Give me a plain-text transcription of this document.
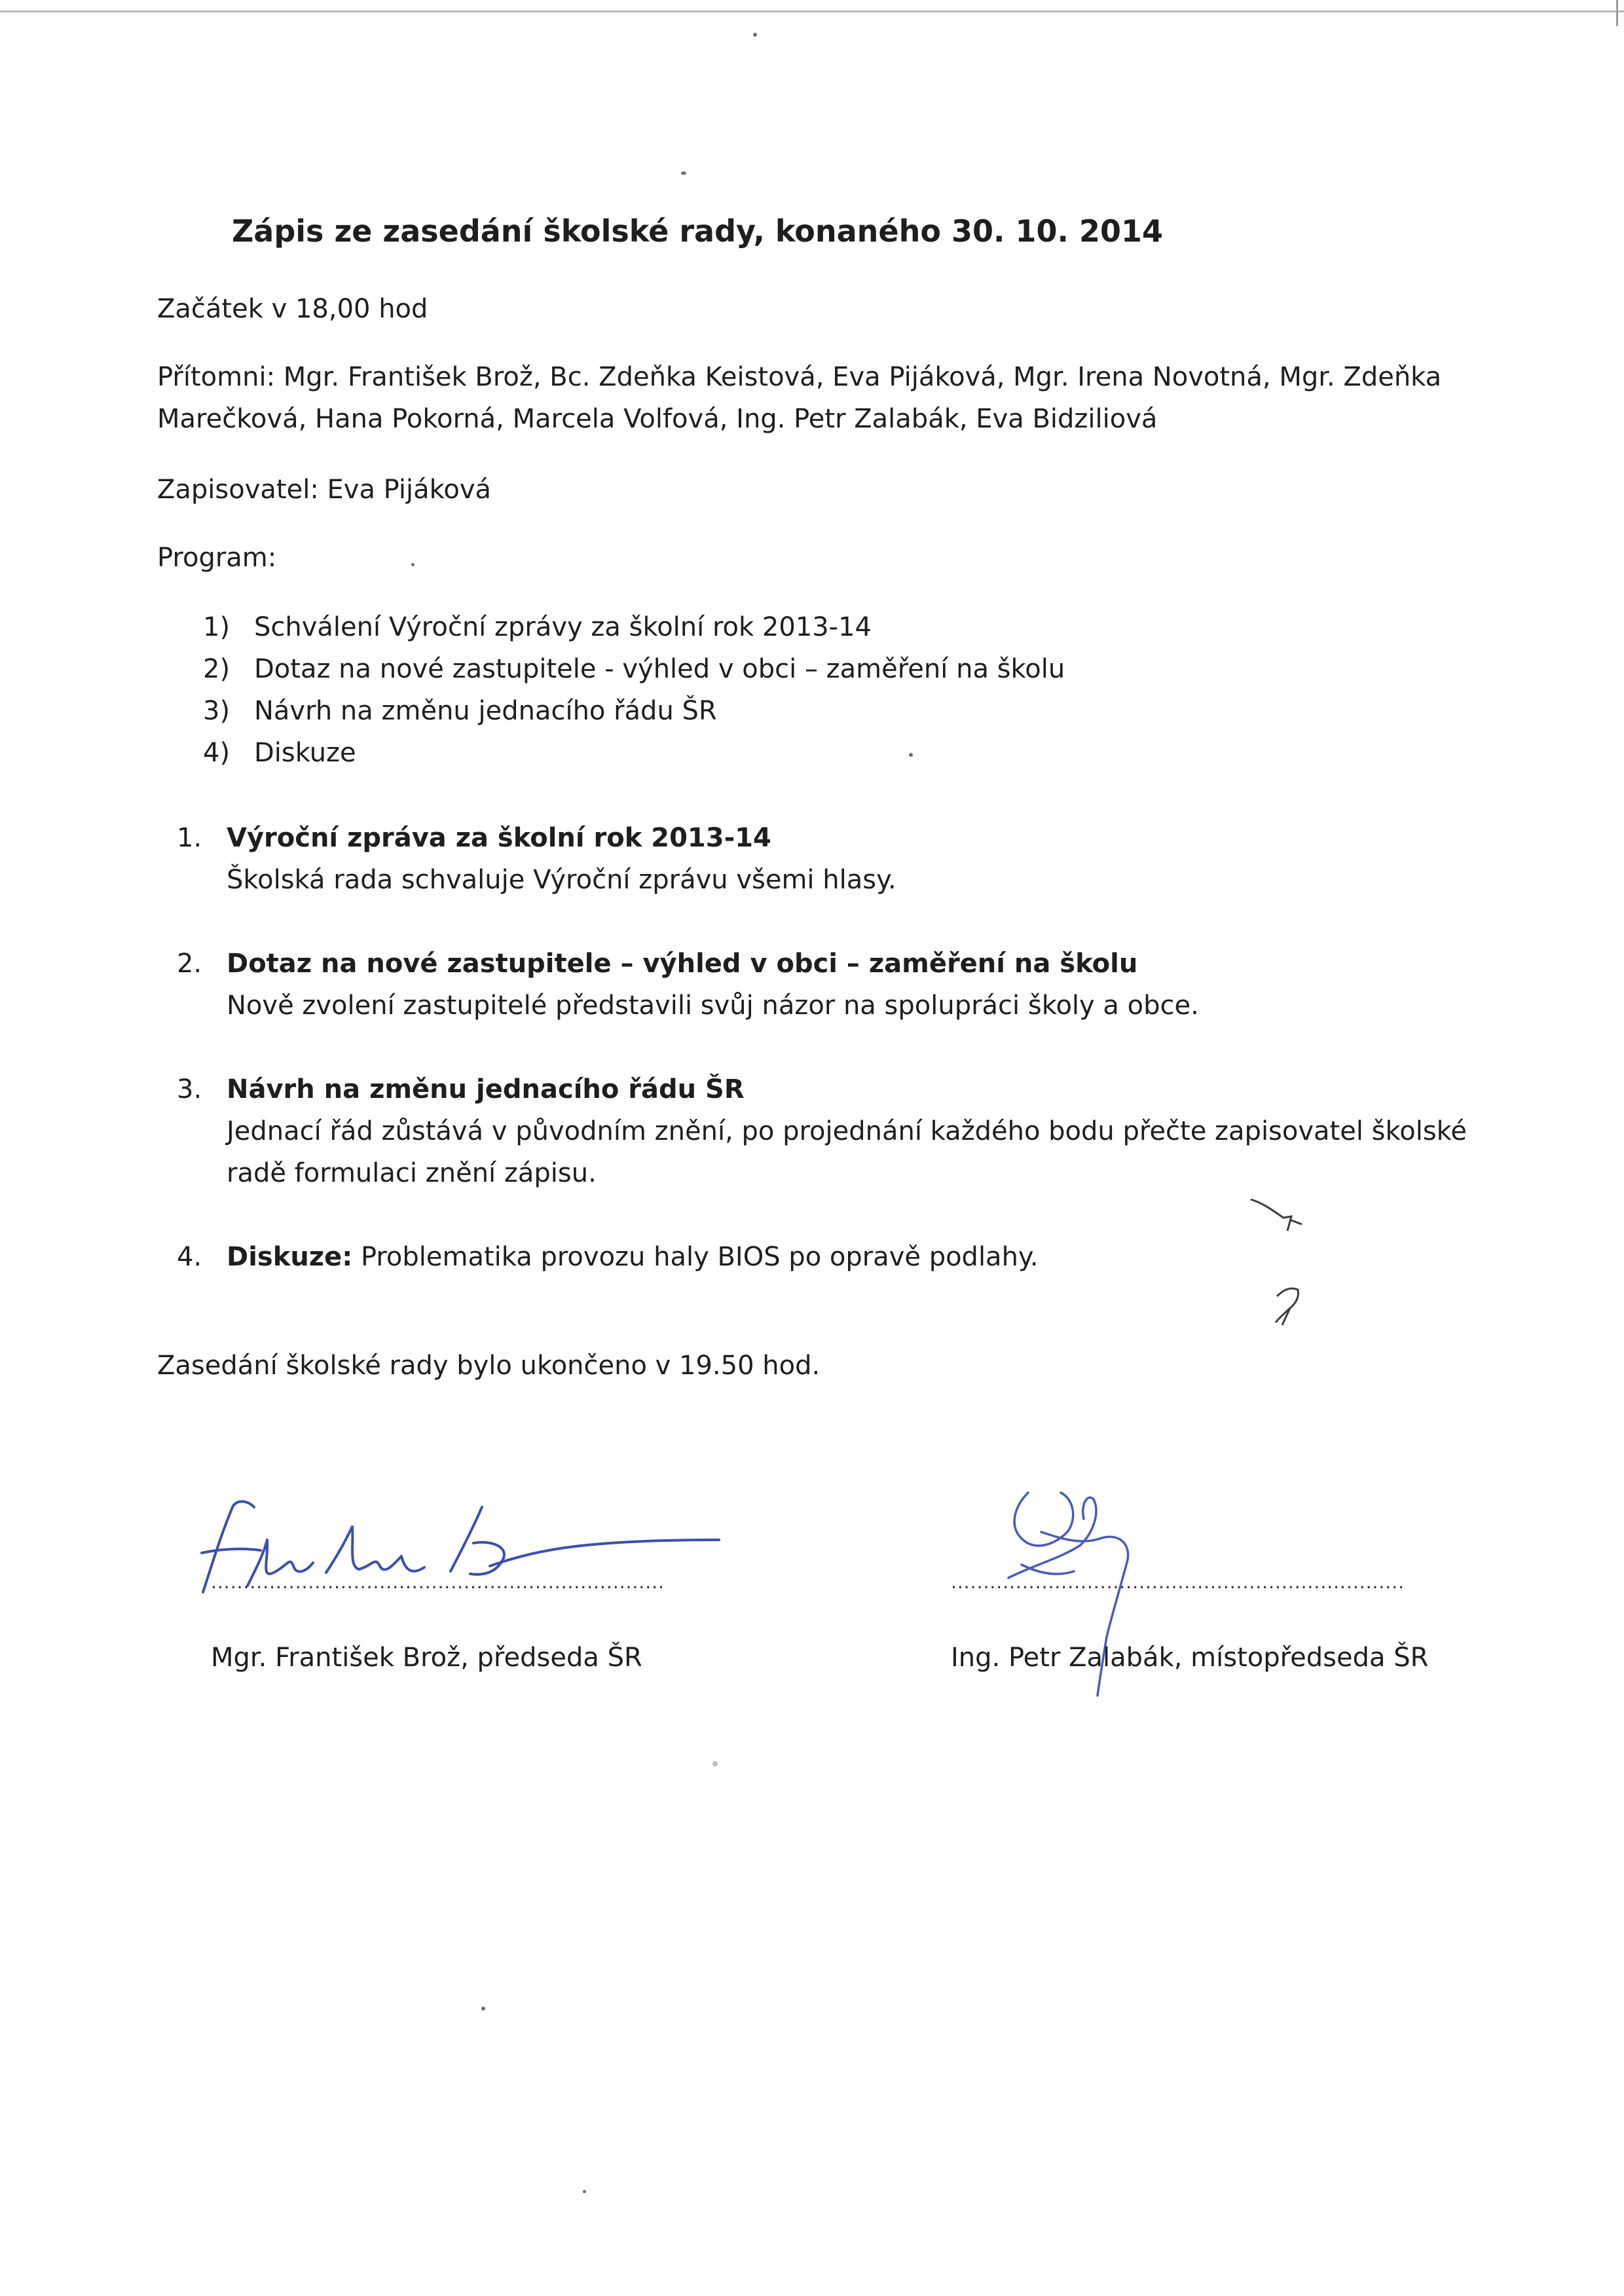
Zápis ze zasedání školské rady, konaného 30. 10. 2014
Začátek v 18,00 hod
Přítomni: Mgr. František Brož, Bc. Zdeňka Keistová, Eva Pijáková, Mgr. Irena Novotná, Mgr. Zdeňka
Marečková, Hana Pokorná, Marcela Volfová, Ing. Petr Zalabák, Eva Bidziliová
Zapisovatel: Eva Pijáková
Program:
1) Schválení Výroční zprávy za školní rok 2013-14
2) Dotaz na nové zastupitele - výhled v obci – zaměření na školu
3) Návrh na změnu jednacího řádu ŠR
4) Diskuze
1. Výroční zpráva za školní rok 2013-14
Školská rada schvaluje Výroční zprávu všemi hlasy.
2. Dotaz na nové zastupitele – výhled v obci – zaměření na školu
Nově zvolení zastupitelé představili svůj názor na spolupráci školy a obce.
3. Návrh na změnu jednacího řádu ŠR
Jednací řád zůstává v původním znění, po projednání každého bodu přečte zapisovatel školské
radě formulaci znění zápisu.
4. Diskuze: Problematika provozu haly BIOS po opravě podlahy.
Zasedání školské rady bylo ukončeno v 19.50 hod.
......................................................................
Mgr. František Brož, předseda ŠR
......................................................................
Ing. Petr Zalabák, místopředseda ŠR
